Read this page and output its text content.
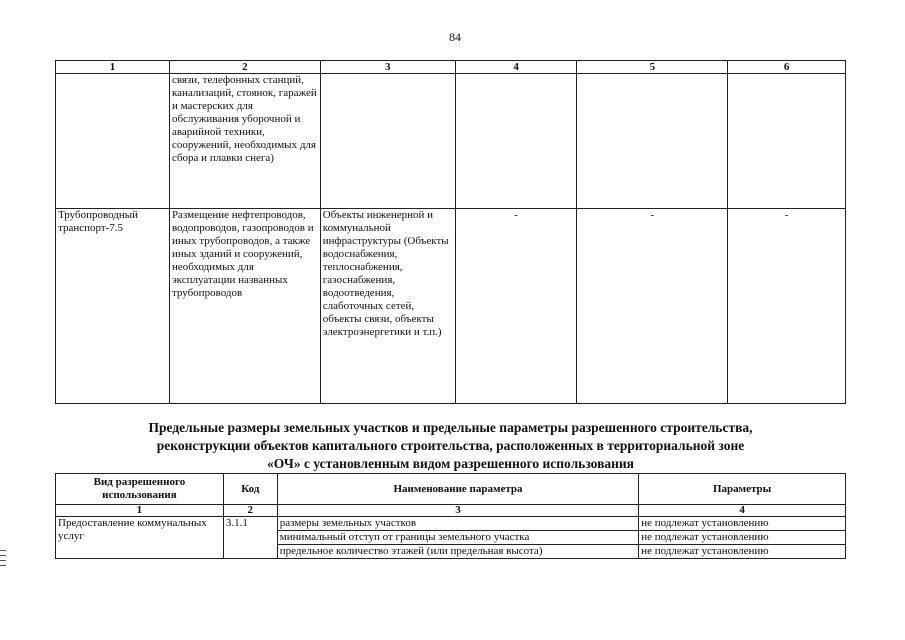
84
1	2	3	4	5	6
	связи, телефонных станций, канализаций, стоянок, гаражей и мастерских для обслуживания уборочной и аварийной техники, сооружений, необходимых для сбора и плавки снега)				
Трубопроводный транспорт-7.5	Размещение нефтепроводов, водопроводов, газопроводов и иных трубопроводов, а также иных зданий и сооружений, необходимых для эксплуатации названных трубопроводов	Объекты инженерной и коммунальной инфраструктуры (Объекты водоснабжения, теплоснабжения, газоснабжения, водоотведения, слаботочных сетей, объекты связи, объекты электроэнергетики и т.п.)	-	-	-
Предельные размеры земельных участков и предельные параметры разрешенного строительства,
реконструкции объектов капитального строительства, расположенных в территориальной зоне
«ОЧ» с установленным видом разрешенного использования
Вид разрешенного использования	Код	Наименование параметра	Параметры
1	2	3	4
Предоставление коммунальных услуг	3.1.1	размеры земельных участков	не подлежат установлению
		минимальный отступ от границы земельного участка	не подлежат установлению
		предельное количество этажей (или предельная высота)	не подлежат установлению
